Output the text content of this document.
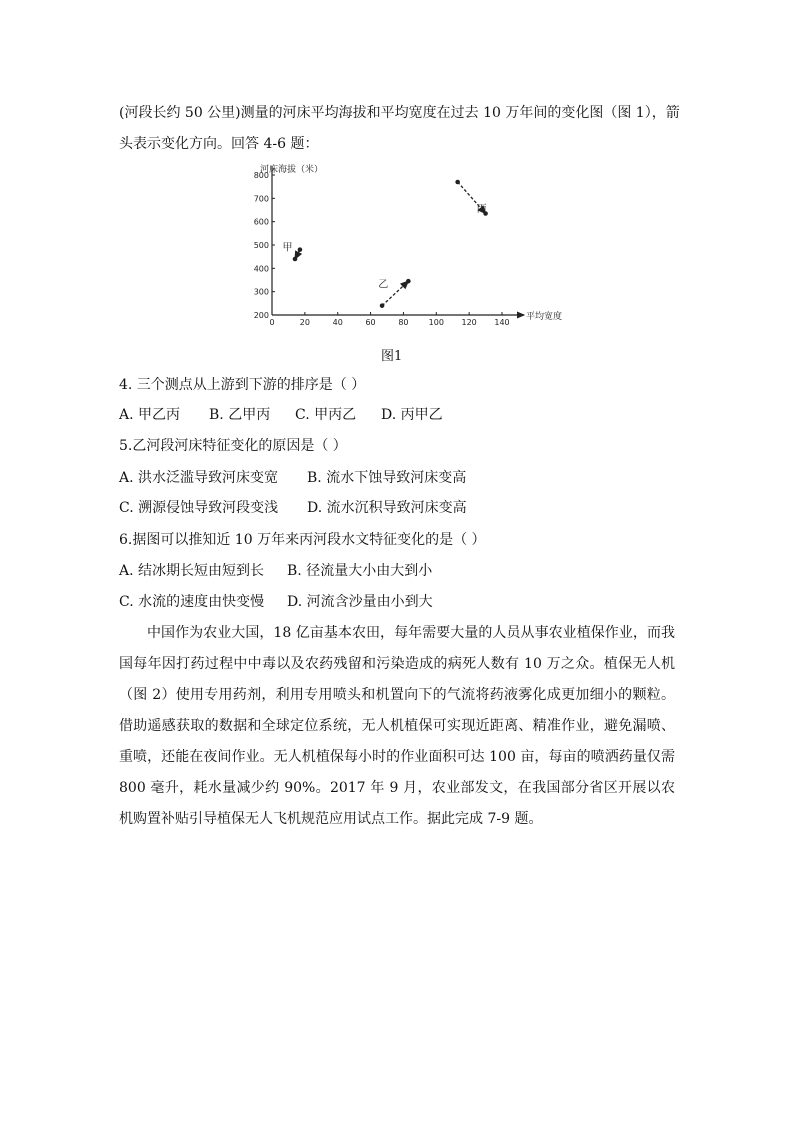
(河段长约 50 公里)测量的河床平均海拔和平均宽度在过去 10 万年间的变化图（图 1），箭
头表示变化方向。回答 4-6 题：
200
300
400
500
600
700
800
0	20	40	60	80	100 120 140
河床海拔（米）
平均宽度
甲
乙
丙
图1
4. 三个测点从上游到下游的排序是（ ）
A. 甲乙丙 B. 乙甲丙 C. 甲丙乙 D. 丙甲乙
5.乙河段河床特征变化的原因是（ ）
A. 洪水泛滥导致河床变宽 B. 流水下蚀导致河床变高
C. 溯源侵蚀导致河段变浅 D. 流水沉积导致河床变高
6.据图可以推知近 10 万年来丙河段水文特征变化的是（ ）
A. 结冰期长短由短到长 B. 径流量大小由大到小
C. 水流的速度由快变慢 D. 河流含沙量由小到大
中国作为农业大国，18 亿亩基本农田，每年需要大量的人员从事农业植保作业，而我国每年因打药过程中中毒以及农药残留和污染造成的病死人数有 10 万之众。植保无人机（图 2）使用专用药剂，利用专用喷头和机置向下的气流将药液雾化成更加细小的颗粒。借助遥感获取的数据和全球定位系统，无人机植保可实现近距离、精准作业，避免漏喷、重喷，还能在夜间作业。无人机植保每小时的作业面积可达 100 亩，每亩的喷洒药量仅需 800 毫升，耗水量减少约 90%。2017 年 9 月，农业部发文，在我国部分省区开展以农机购置补贴引导植保无人飞机规范应用试点工作。据此完成 7-9 题。
